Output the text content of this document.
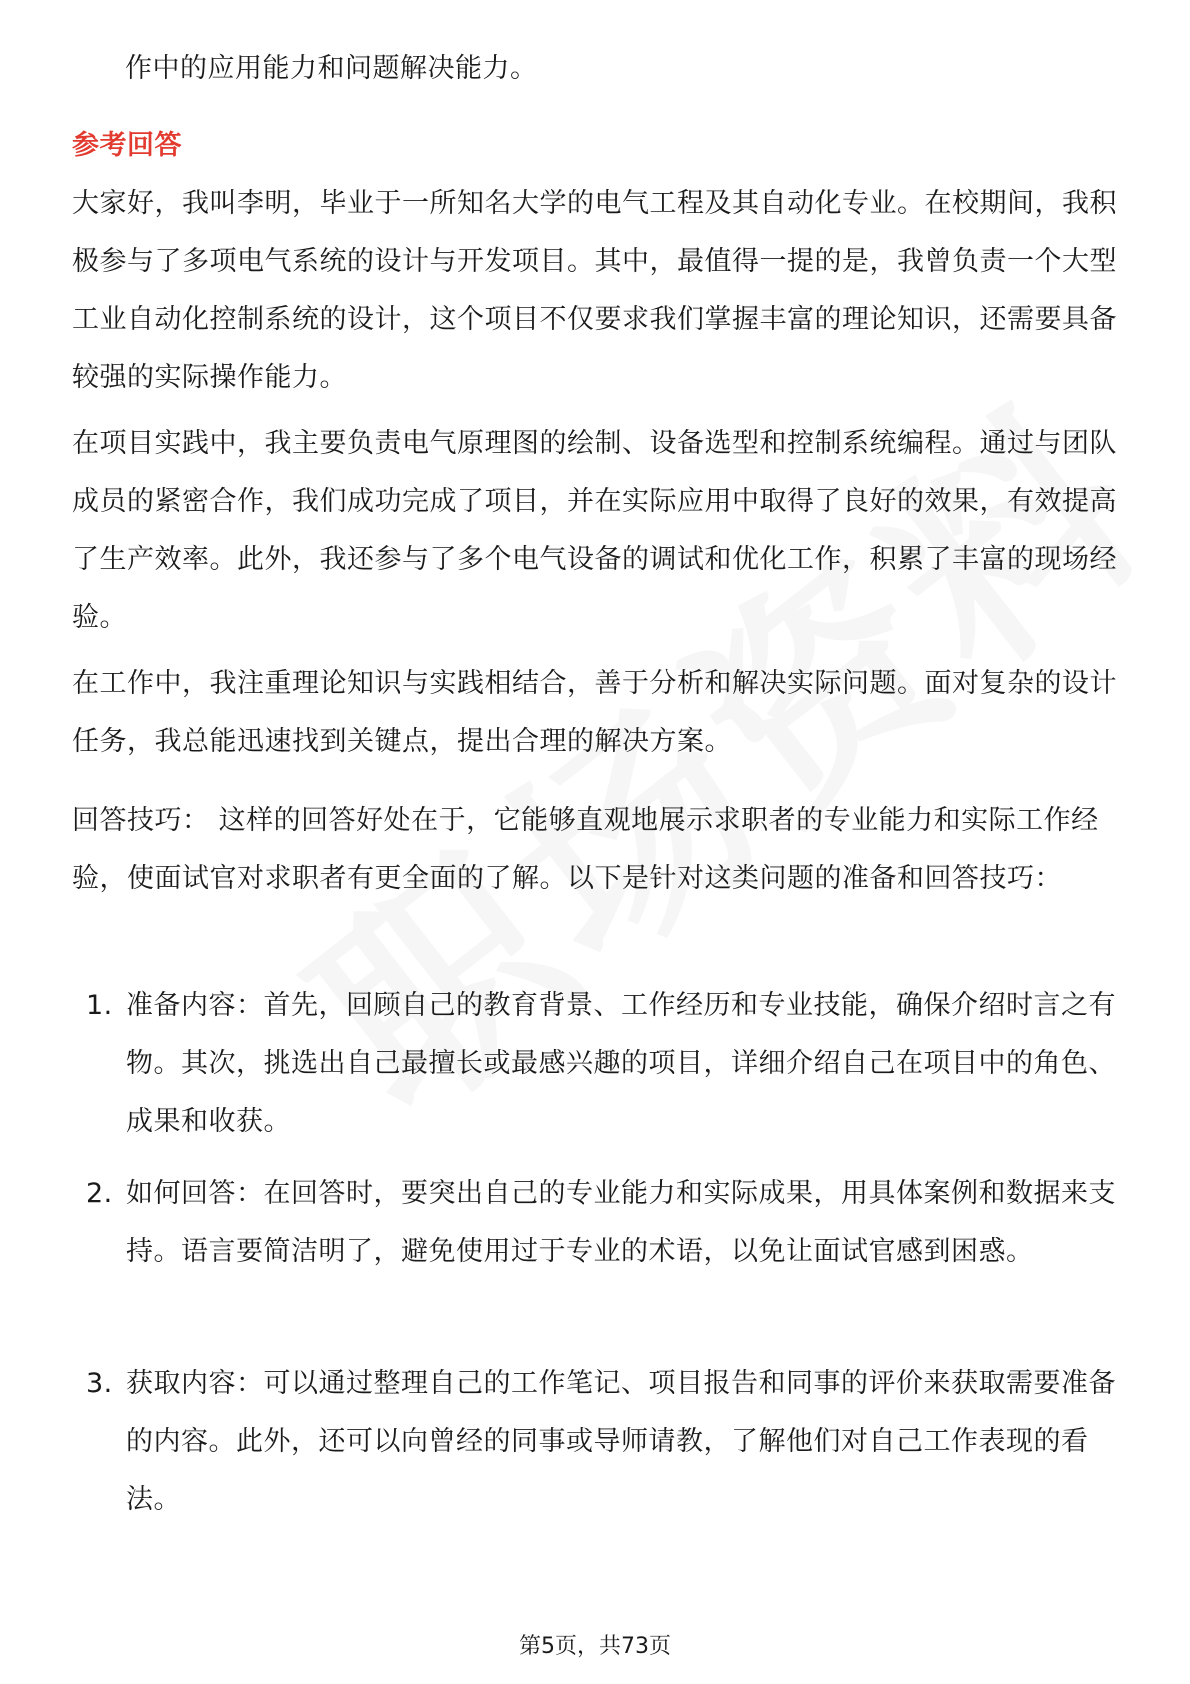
作中的应用能力和问题解决能力。
参考回答

大家好，我叫李明，毕业于一所知名大学的电气工程及其自动化专业。在校期间，我积极参与了多项电气系统的设计与开发项目。其中，最值得一提的是，我曾负责一个大型工业自动化控制系统的设计，这个项目不仅要求我们掌握丰富的理论知识，还需要具备较强的实际操作能力。

在项目实践中，我主要负责电气原理图的绘制、设备选型和控制系统编程。通过与团队成员的紧密合作，我们成功完成了项目，并在实际应用中取得了良好的效果，有效提高了生产效率。此外，我还参与了多个电气设备的调试和优化工作，积累了丰富的现场经验。

在工作中，我注重理论知识与实践相结合，善于分析和解决实际问题。面对复杂的设计任务，我总能迅速找到关键点，提出合理的解决方案。

回答技巧： 这样的回答好处在于，它能够直观地展示求职者的专业能力和实际工作经验，使面试官对求职者有更全面的了解。以下是针对这类问题的准备和回答技巧：

1. 准备内容：首先，回顾自己的教育背景、工作经历和专业技能，确保介绍时言之有物。其次，挑选出自己最擅长或最感兴趣的项目，详细介绍自己在项目中的角色、成果和收获。
2. 如何回答：在回答时，要突出自己的专业能力和实际成果，用具体案例和数据来支持。语言要简洁明了，避免使用过于专业的术语，以免让面试官感到困惑。
3. 获取内容：可以通过整理自己的工作笔记、项目报告和同事的评价来获取需要准备的内容。此外，还可以向曾经的同事或导师请教，了解他们对自己工作表现的看法。
第5页，共73页
